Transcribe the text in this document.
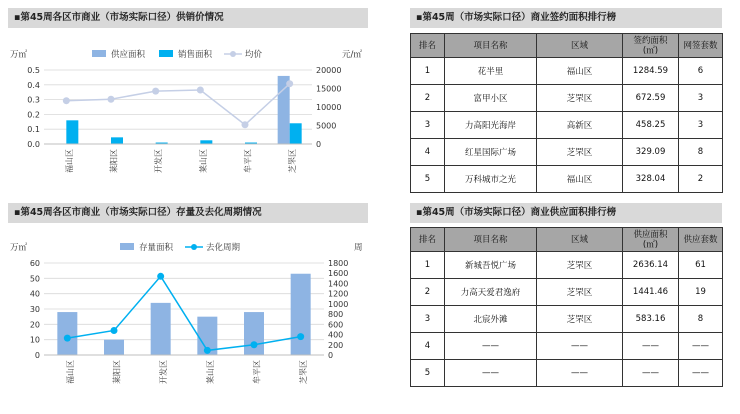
▪第45周各区市商业（市场实际口径）供销价情况
▪第45周各区市商业（市场实际口径）存量及去化周期情况
▪第45周（市场实际口径）商业签约面积排行榜
▪第45周（市场实际口径）商业供应面积排行榜
0.0
0.1
0.2
0.3
0.4
0.5
0
5000
10000
15000
20000
万㎡	元/㎡
福山区	莱阳区	开发区	莱山区	牟平区	芝罘区
供应面积	销售面积	均价
0
10
20
30
40
50
60
0
200
400
600
800
1000
1200
1400
1600
1800
万㎡	周
福山区	莱阳区	开发区	莱山区	牟平区	芝罘区
存量面积	去化周期
排名	项目名称	区域	签约面积
(㎡)	网签套数
1	花半里	福山区	1284.59	6
2	富甲小区	芝罘区	672.59	3
3	力高阳光海岸	高新区	458.25	3
4	红星国际广场	芝罘区	329.09	8
5	万科城市之光	福山区	328.04	2
排名	项目名称	区域	供应面积
(㎡)	供应套数
1	新城吾悦广场	芝罘区	2636.14	61
2	力高天爱君逸府	芝罘区	1441.46	19
3	北宸外滩	芝罘区	583.16	8
4	——	——	——	——
5	——	——	——	——
